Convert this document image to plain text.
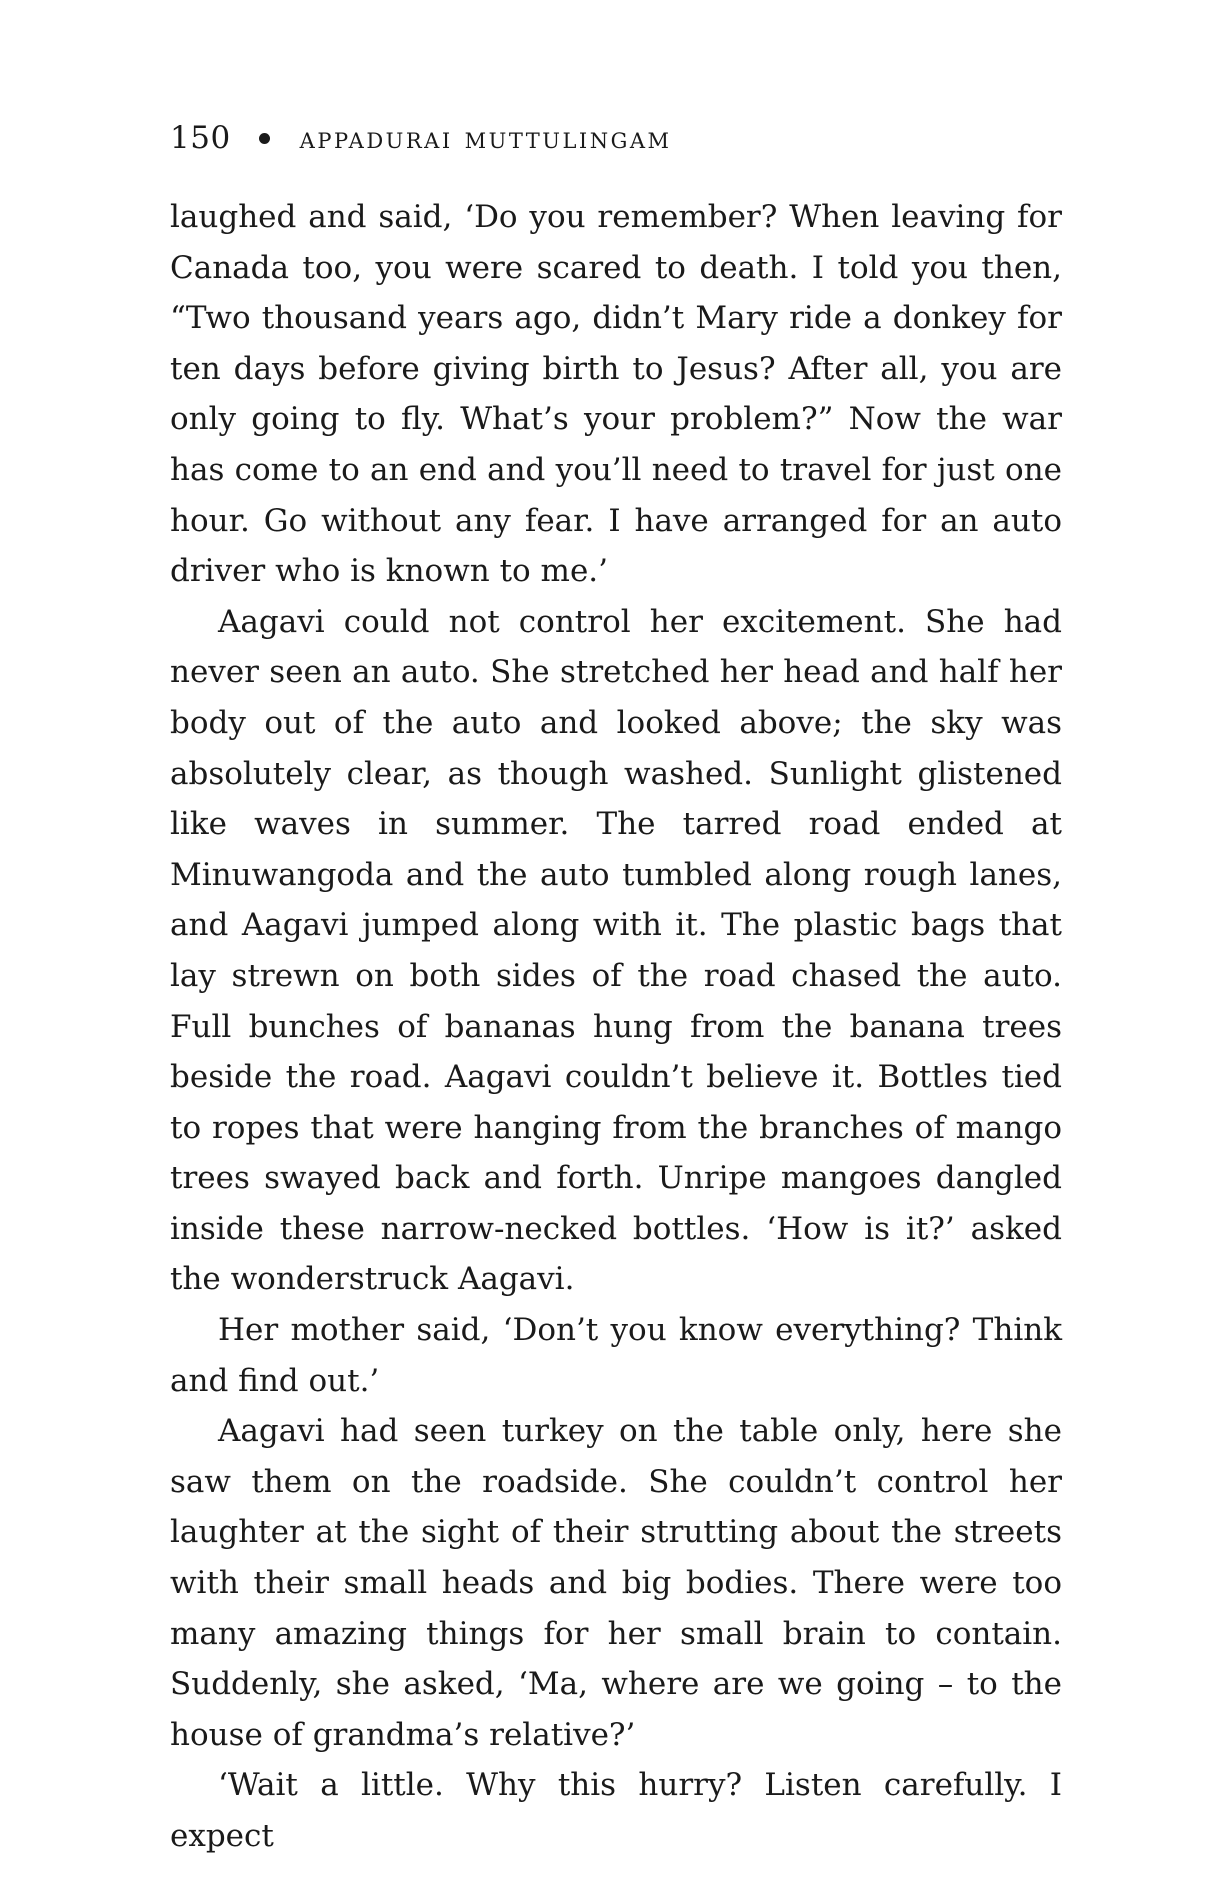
150 appadurai muttulingam

laughed and said, ‘Do you remember? When leaving for Canada too, you were scared to death. I told you then, “Two thousand years ago, didn’t Mary ride a donkey for ten days before giving birth to Jesus? After all, you are only going to fly. What’s your problem?” Now the war has come to an end and you’ll need to travel for just one hour. Go without any fear. I have arranged for an auto driver who is known to me.’

Aagavi could not control her excitement. She had never seen an auto. She stretched her head and half her body out of the auto and looked above; the sky was absolutely clear, as though washed. Sunlight glistened like waves in summer. The tarred road ended at Minuwangoda and the auto tumbled along rough lanes, and Aagavi jumped along with it. The plastic bags that lay strewn on both sides of the road chased the auto. Full bunches of bananas hung from the banana trees beside the road. Aagavi couldn’t believe it. Bottles tied to ropes that were hanging from the branches of mango trees swayed back and forth. Unripe mangoes dangled inside these narrow-necked bottles. ‘How is it?’ asked the wonderstruck Aagavi.

Her mother said, ‘Don’t you know everything? Think and find out.’

Aagavi had seen turkey on the table only, here she saw them on the roadside. She couldn’t control her laughter at the sight of their strutting about the streets with their small heads and big bodies. There were too many amazing things for her small brain to contain. Suddenly, she asked, ‘Ma, where are we going – to the house of grandma’s relative?’

‘Wait a little. Why this hurry? Listen carefully. I expect
